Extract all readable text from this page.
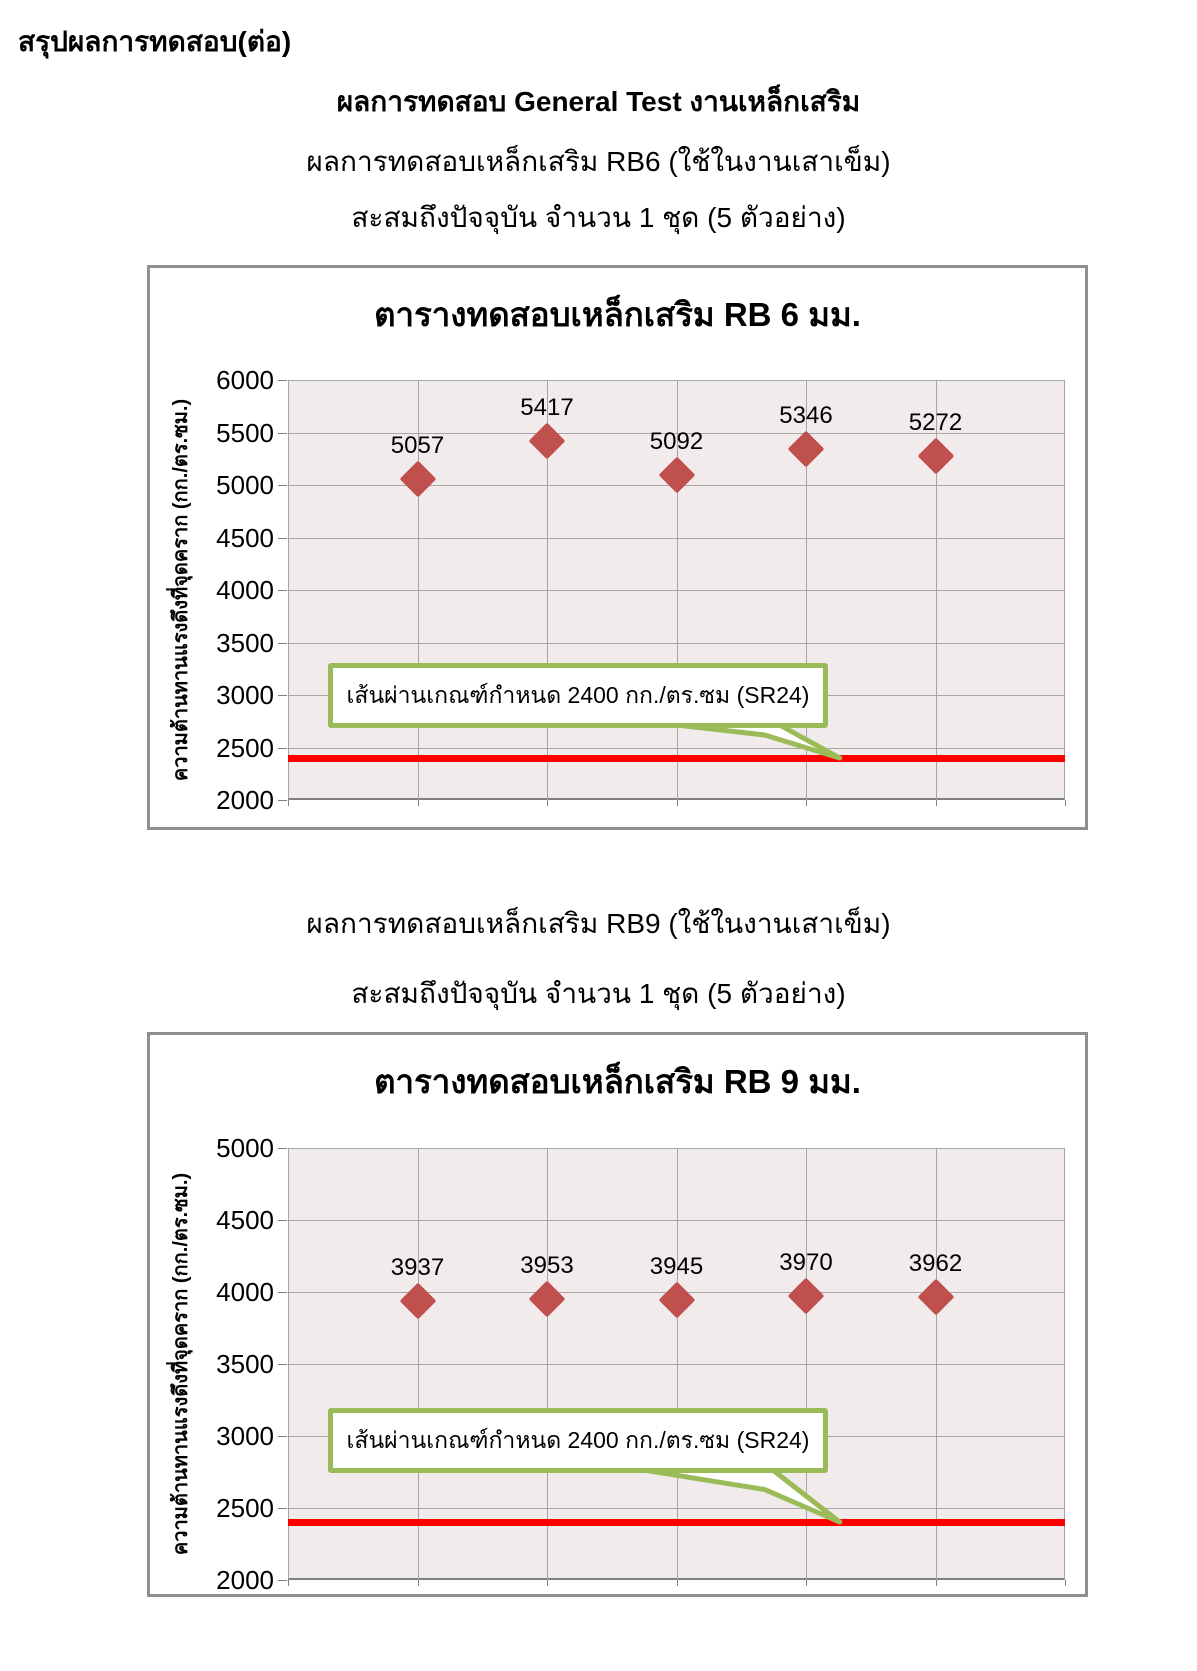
สรุปผลการทดสอบ(ต่อ)
ผลการทดสอบ General Test งานเหล็กเสริม
ผลการทดสอบเหล็กเสริม RB6 (ใช้ในงานเสาเข็ม)
สะสมถึงปัจจุบัน จำนวน 1 ชุด (5 ตัวอย่าง)
ตารางทดสอบเหล็กเสริม RB 6 มม.
ความต้านทานแรงดึงที่จุดคราก (กก./ตร.ซม.)	เส้นผ่านเกณฑ์กำหนด 2400 กก./ตร.ซม (SR24)
6000
5500
5000
4500
4000
3500
3000
2500
2000
5057
5417
5092
5346	5272
ผลการทดสอบเหล็กเสริม RB9 (ใช้ในงานเสาเข็ม)
สะสมถึงปัจจุบัน จำนวน 1 ชุด (5 ตัวอย่าง)
ตารางทดสอบเหล็กเสริม RB 9 มม.
ความต้านทานแรงดึงที่จุดคราก (กก./ตร.ซม.)	เส้นผ่านเกณฑ์กำหนด 2400 กก./ตร.ซม (SR24)
5000
4500
4000
3500
3000
2500
2000
3937	3953	3945	3970	3962
